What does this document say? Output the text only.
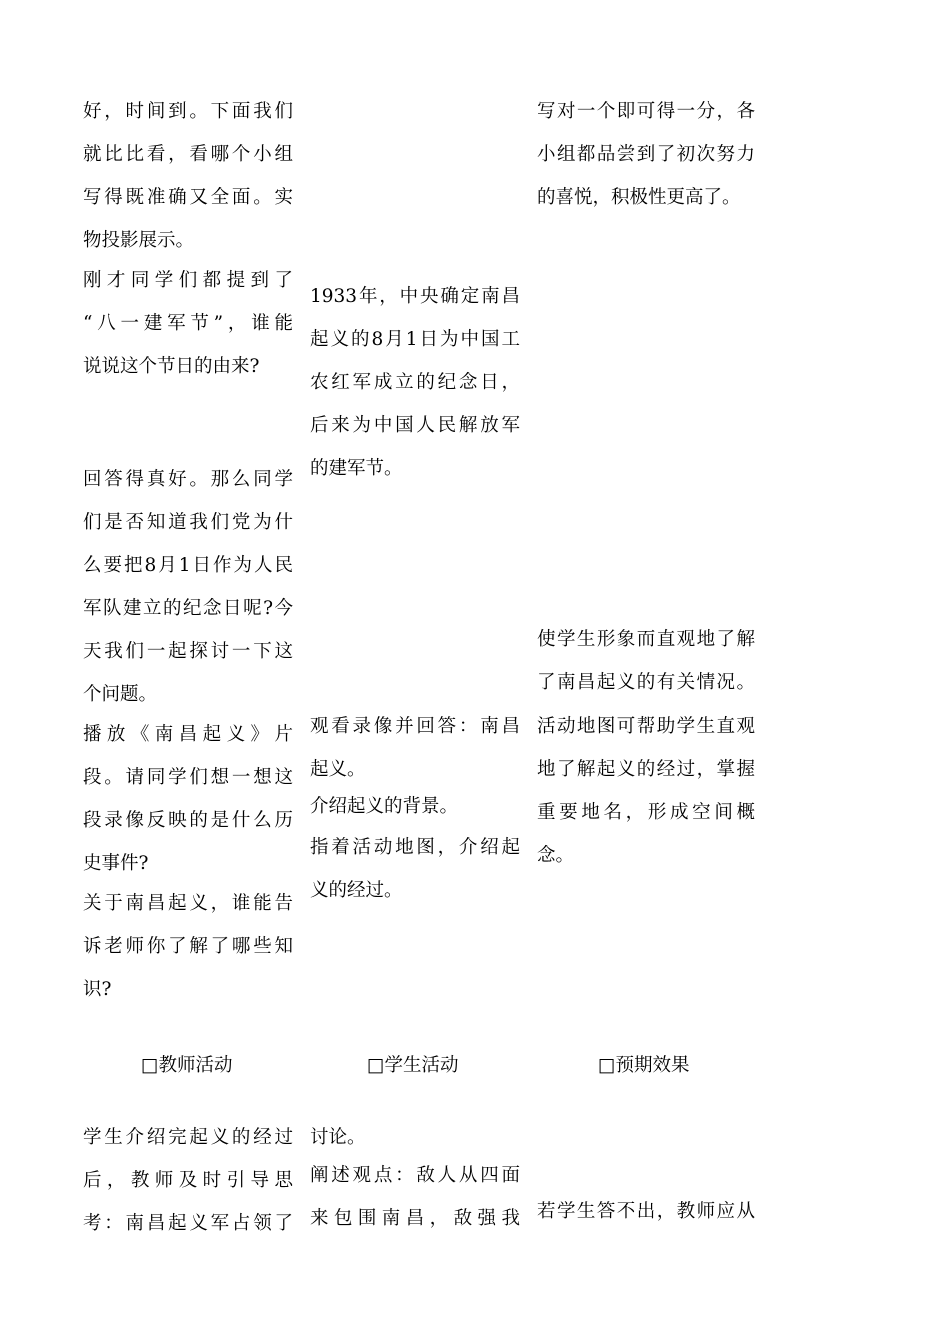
好，时间到。下面我们
就比比看，看哪个小组
写得既准确又全面。实
物投影展示。
刚才同学们都提到了
“八一建军节”，谁能
说说这个节日的由来?
回答得真好。那么同学
们是否知道我们党为什
么要把8月1日作为人民
军队建立的纪念日呢?今
天我们一起探讨一下这
个问题。
播放《南昌起义》片
段。请同学们想一想这
段录像反映的是什么历
史事件?
关于南昌起义，谁能告
诉老师你了解了哪些知
识?
1933年，中央确定南昌
起义的8月1日为中国工
农红军成立的纪念日，
后来为中国人民解放军
的建军节。
观看录像并回答：南昌
起义。
介绍起义的背景。
指着活动地图，介绍起
义的经过。
写对一个即可得一分，各
小组都品尝到了初次努力
的喜悦，积极性更高了。
使学生形象而直观地了解
了南昌起义的有关情况。
活动地图可帮助学生直观
地了解起义的经过，掌握
重要地名，形成空间概
念。
□教师活动	□学生活动	□预期效果
学生介绍完起义的经过
后，教师及时引导思
考：南昌起义军占领了
讨论。
阐述观点：敌人从四面
来包围南昌，敌强我 若学生答不出，教师应从
